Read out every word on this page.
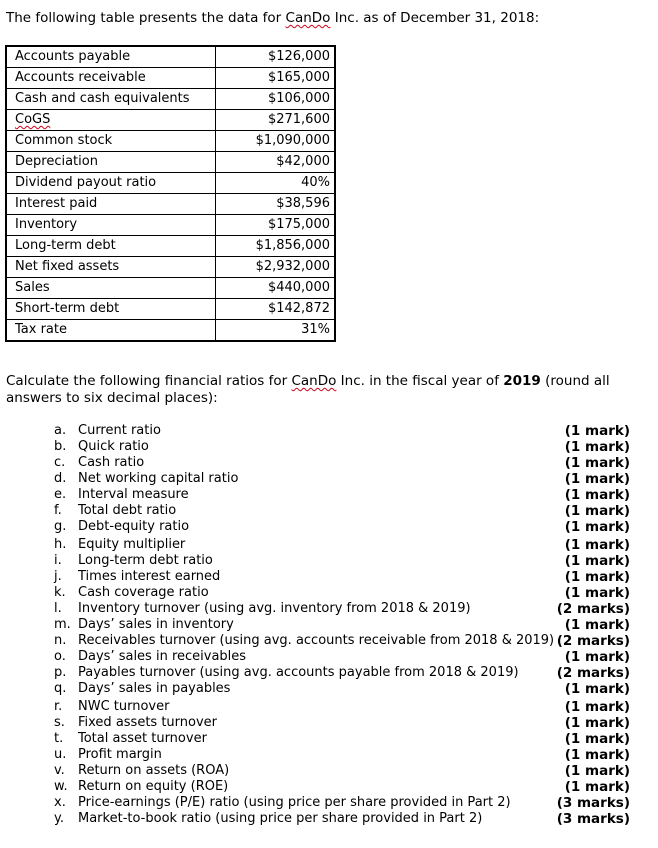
The following table presents the data for CanDo Inc. as of December 31, 2018:

Accounts payable	$126,000
Accounts receivable	$165,000
Cash and cash equivalents	$106,000
CoGS	$271,600
Common stock	$1,090,000
Depreciation	$42,000
Dividend payout ratio	40%
Interest paid	$38,596
Inventory	$175,000
Long-term debt	$1,856,000
Net fixed assets	$2,932,000
Sales	$440,000
Short-term debt	$142,872
Tax rate	31%

Calculate the following financial ratios for CanDo Inc. in the fiscal year of 2019 (round all answers to six decimal places):

a. Current ratio	(1 mark)
b. Quick ratio	(1 mark)
c. Cash ratio	(1 mark)
d. Net working capital ratio	(1 mark)
e. Interval measure	(1 mark)
f. Total debt ratio	(1 mark)
g. Debt-equity ratio	(1 mark)
h. Equity multiplier	(1 mark)
i. Long-term debt ratio	(1 mark)
j. Times interest earned	(1 mark)
k. Cash coverage ratio	(1 mark)
l. Inventory turnover (using avg. inventory from 2018 & 2019)	(2 marks)
m. Days’ sales in inventory	(1 mark)
n. Receivables turnover (using avg. accounts receivable from 2018 & 2019) (2 marks)
o. Days’ sales in receivables	(1 mark)
p. Payables turnover (using avg. accounts payable from 2018 & 2019)	(2 marks)
q. Days’ sales in payables	(1 mark)
r. NWC turnover	(1 mark)
s. Fixed assets turnover	(1 mark)
t. Total asset turnover	(1 mark)
u. Profit margin	(1 mark)
v. Return on assets (ROA)	(1 mark)
w. Return on equity (ROE)	(1 mark)
x. Price-earnings (P/E) ratio (using price per share provided in Part 2)	(3 marks)
y. Market-to-book ratio (using price per share provided in Part 2)	(3 marks)
